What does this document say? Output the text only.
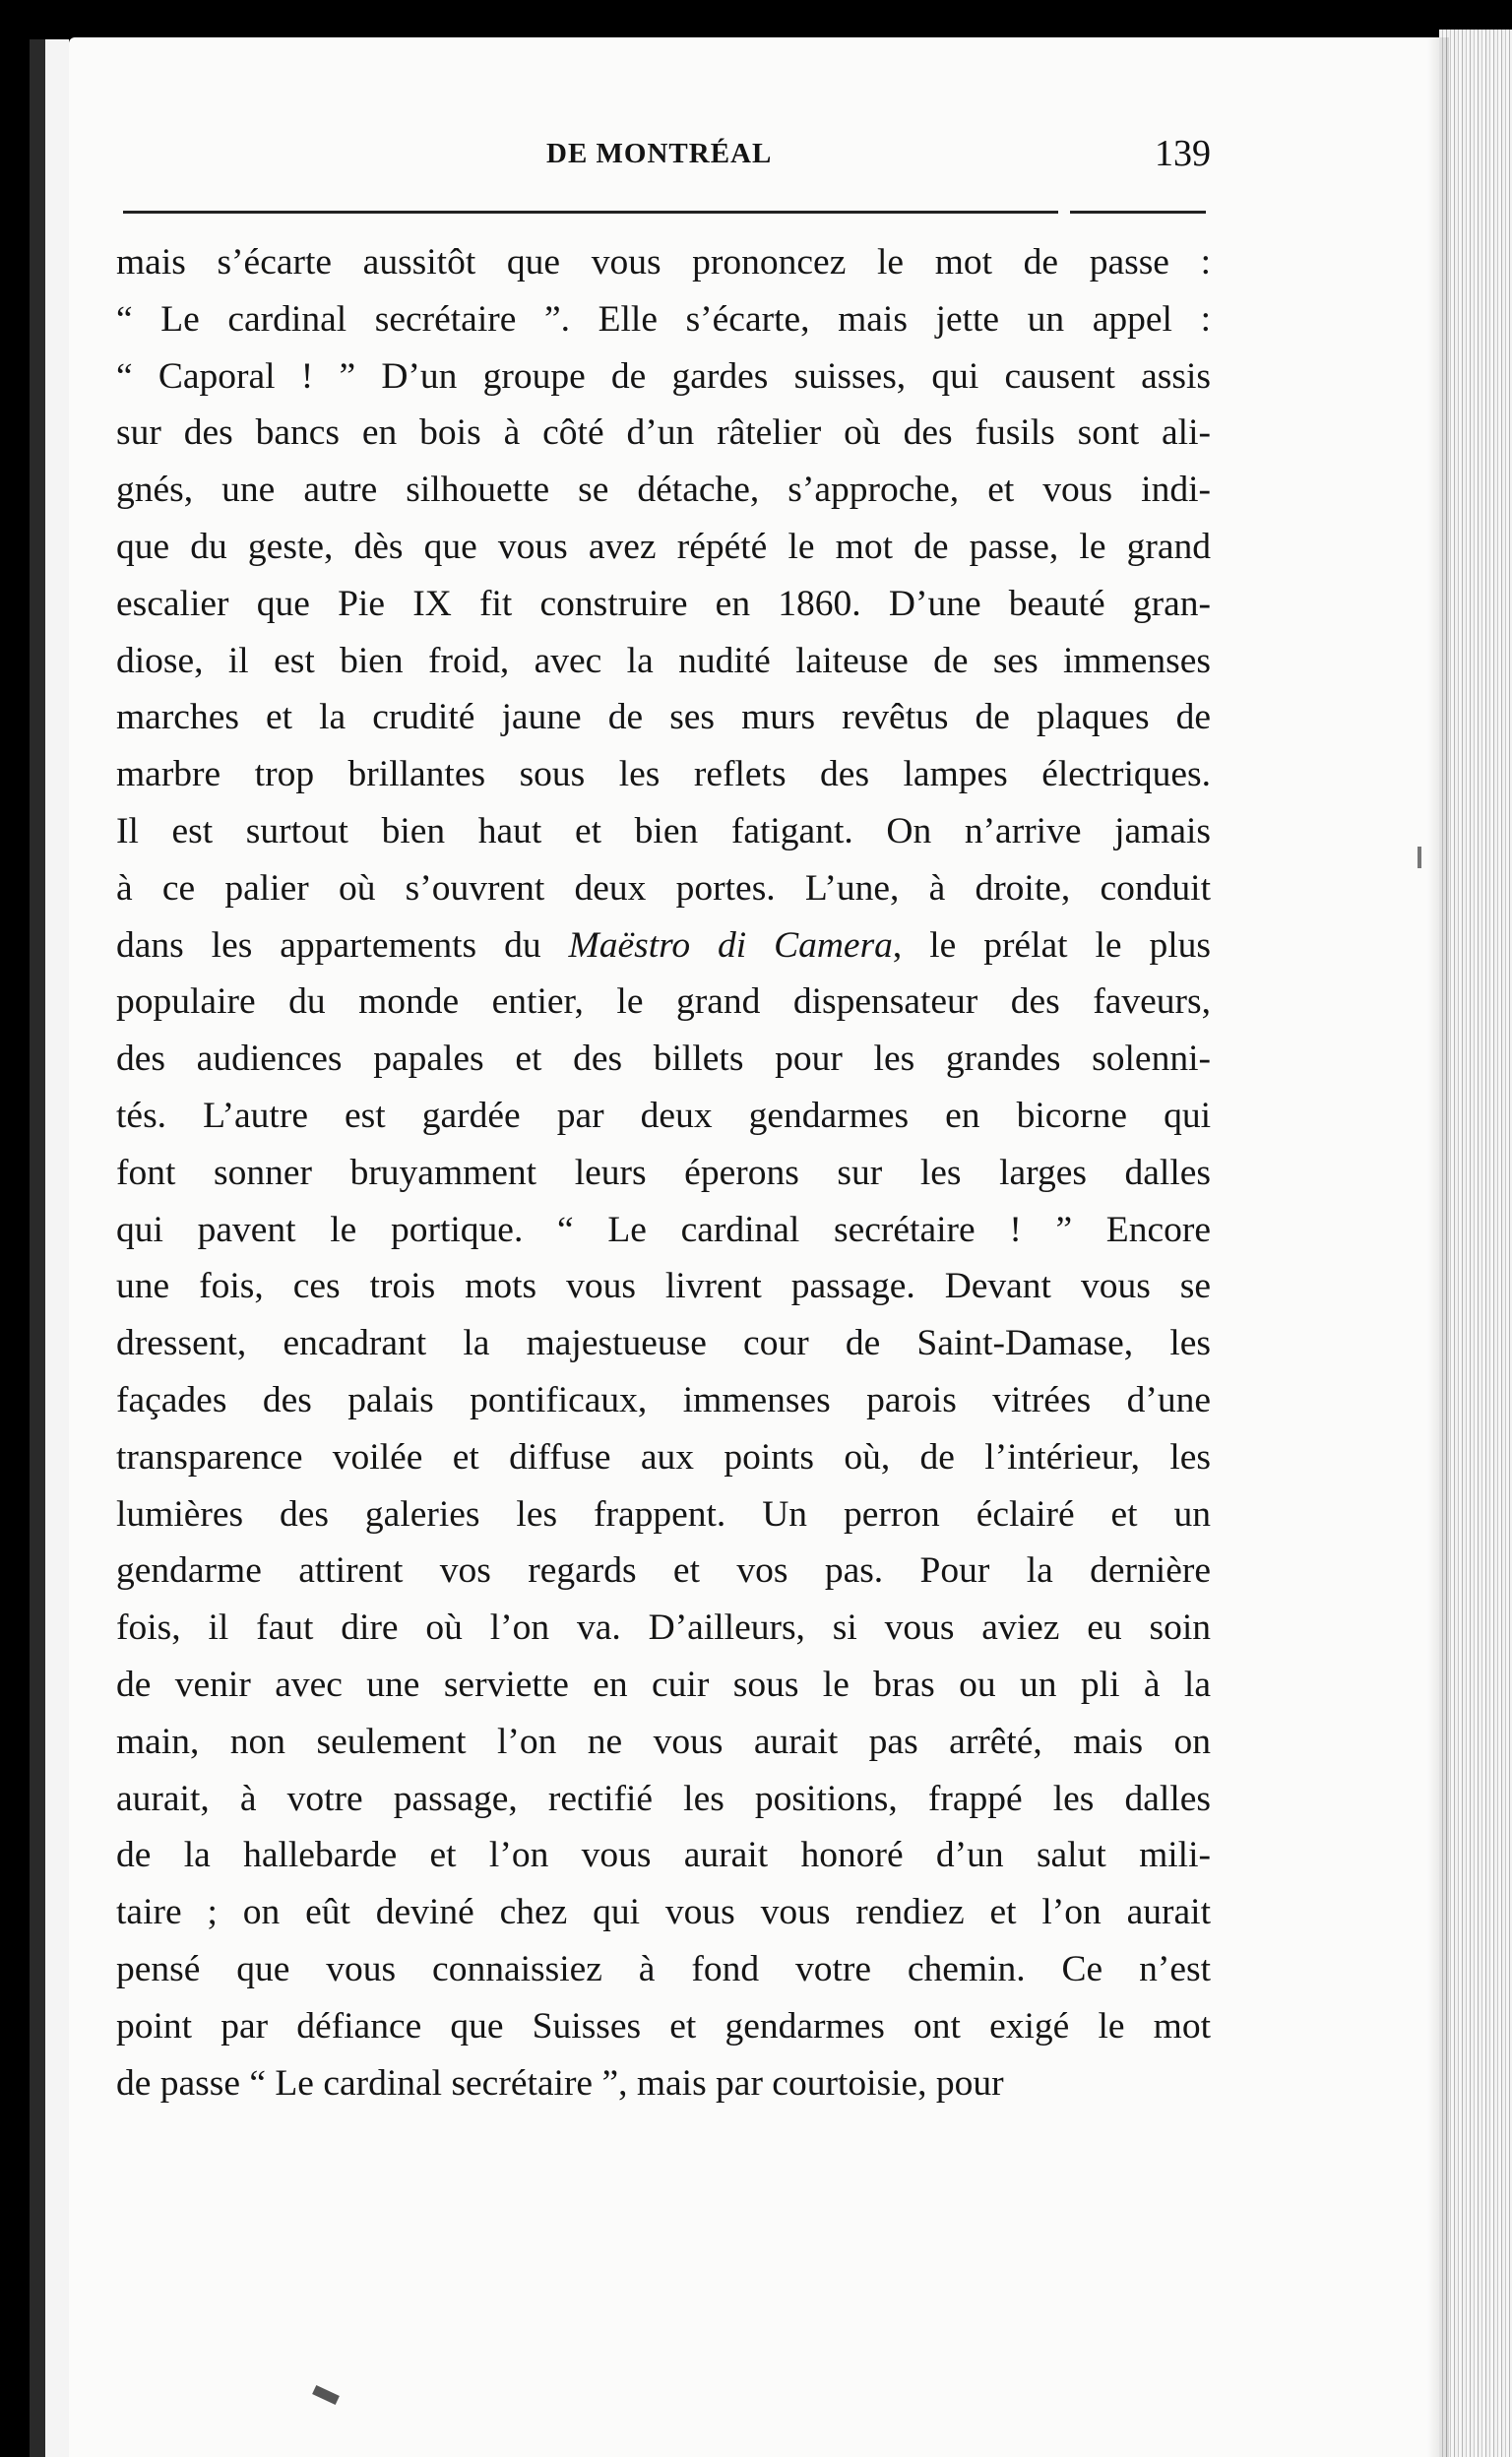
DE MONTRÉAL	139
mais s’écarte aussitôt que vous prononcez le mot de passe :
“ Le cardinal secrétaire ”. Elle s’écarte, mais jette un appel :
“ Caporal ! ” D’un groupe de gardes suisses, qui causent assis
sur des bancs en bois à côté d’un râtelier où des fusils sont ali-
gnés, une autre silhouette se détache, s’approche, et vous indi-
que du geste, dès que vous avez répété le mot de passe, le grand
escalier que Pie IX fit construire en 1860. D’une beauté gran-
diose, il est bien froid, avec la nudité laiteuse de ses immenses
marches et la crudité jaune de ses murs revêtus de plaques de
marbre trop brillantes sous les reflets des lampes électriques.
Il est surtout bien haut et bien fatigant. On n’arrive jamais
à ce palier où s’ouvrent deux portes. L’une, à droite, conduit
dans les appartements du Maëstro di Camera, le prélat le plus
populaire du monde entier, le grand dispensateur des faveurs,
des audiences papales et des billets pour les grandes solenni-
tés. L’autre est gardée par deux gendarmes en bicorne qui
font sonner bruyamment leurs éperons sur les larges dalles
qui pavent le portique. “ Le cardinal secrétaire ! ” Encore
une fois, ces trois mots vous livrent passage. Devant vous se
dressent, encadrant la majestueuse cour de Saint-Damase, les
façades des palais pontificaux, immenses parois vitrées d’une
transparence voilée et diffuse aux points où, de l’intérieur, les
lumières des galeries les frappent. Un perron éclairé et un
gendarme attirent vos regards et vos pas. Pour la dernière
fois, il faut dire où l’on va. D’ailleurs, si vous aviez eu soin
de venir avec une serviette en cuir sous le bras ou un pli à la
main, non seulement l’on ne vous aurait pas arrêté, mais on
aurait, à votre passage, rectifié les positions, frappé les dalles
de la hallebarde et l’on vous aurait honoré d’un salut mili-
taire ; on eût deviné chez qui vous vous rendiez et l’on aurait
pensé que vous connaissiez à fond votre chemin. Ce n’est
point par défiance que Suisses et gendarmes ont exigé le mot
de passe “ Le cardinal secrétaire ”, mais par courtoisie, pour
